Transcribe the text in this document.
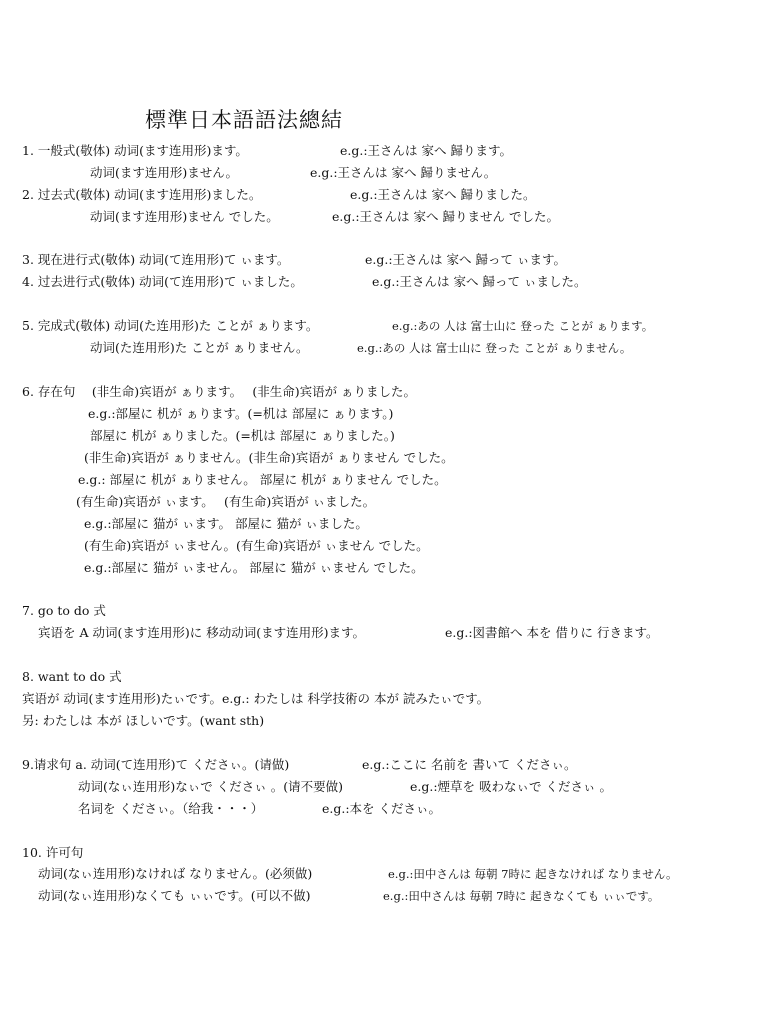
標準日本語語法總結
1. 一般式(敬体) 动词(ます连用形)ます。	e.g.:王さんは 家へ 歸ります。
动词(ます连用形)ません。	e.g.:王さんは 家へ 歸りません。
2. 过去式(敬体) 动词(ます连用形)ました。	e.g.:王さんは 家へ 歸りました。
动词(ます连用形)ません でした。	e.g.:王さんは 家へ 歸りません でした。
3. 现在进行式(敬体) 动词(て连用形)て ぃます。	e.g.:王さんは 家へ 歸って ぃます。
4. 过去进行式(敬体) 动词(て连用形)て ぃました。	e.g.:王さんは 家へ 歸って ぃました。
5. 完成式(敬体) 动词(た连用形)た ことが ぁります。	e.g.:あの 人は 富士山に 登った ことが ぁります。
动词(た连用形)た ことが ぁりません。	e.g.:あの 人は 富士山に 登った ことが ぁりません。
6. 存在句　 (非生命)宾语が ぁります。　 (非生命)宾语が ぁりました。
e.g.:部屋に 机が ぁります。(=机は 部屋に ぁります。)
部屋に 机が ぁりました。(=机は 部屋に ぁりました。)
(非生命)宾语が ぁりません。(非生命)宾语が ぁりません でした。
e.g.: 部屋に 机が ぁりません。 部屋に 机が ぁりません でした。
(有生命)宾语が ぃます。　 (有生命)宾语が ぃました。
e.g.:部屋に 猫が ぃます。 部屋に 猫が ぃました。
(有生命)宾语が ぃません。(有生命)宾语が ぃません でした。
e.g.:部屋に 猫が ぃません。 部屋に 猫が ぃません でした。
7. go to do 式
宾语を A 动词(ます连用形)に 移动动词(ます连用形)ます。	e.g.:図書館へ 本を 借りに 行きます。
8. want to do 式
宾语が 动词(ます连用形)たぃです。e.g.: わたしは 科学技術の 本が 読みたぃです。
另: わたしは 本が ほしいです。(want sth)
9.请求句 a. 动词(て连用形)て くださぃ。(请做)	e.g.:ここに 名前を 書いて くださぃ。
动词(なぃ连用形)なぃで くださぃ 。(请不要做)	e.g.:煙草を 吸わなぃで くださぃ 。
名词を くださぃ。（给我・・・）	e.g.:本を くださぃ。
10. 许可句
动词(なぃ连用形)なければ なりません。(必须做)	e.g.:田中さんは 毎朝 7時に 起きなければ なりません。
动词(なぃ连用形)なくても ぃぃです。(可以不做)	e.g.:田中さんは 毎朝 7時に 起きなくても ぃぃです。
